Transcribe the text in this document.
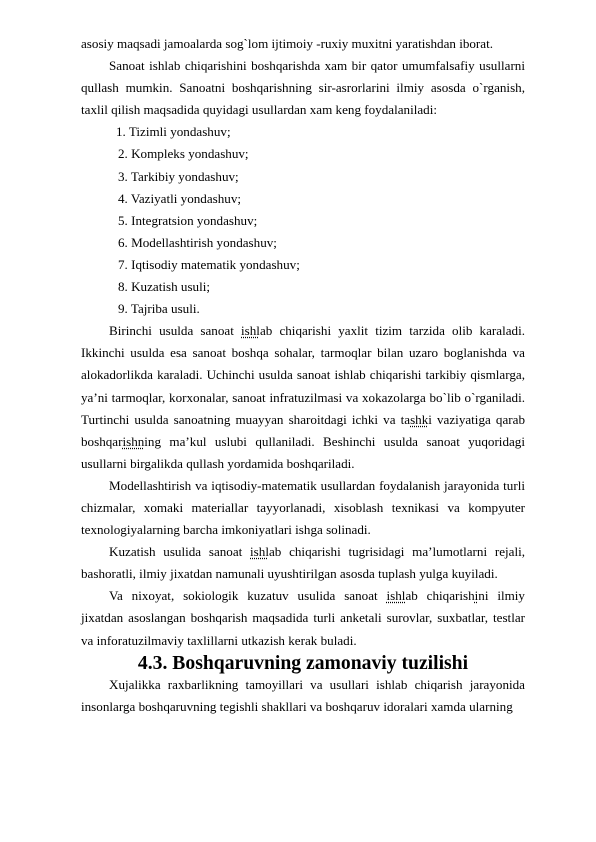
asosiy maqsadi jamoalarda sog`lom ijtimoiy -ruxiy muxitni yaratishdan iborat.

Sanoat ishlab chiqarishini boshqarishda xam bir qator umumfalsafiy usullarni qullash mumkin. Sanoatni boshqarishning sir-asrorlarini ilmiy asosda o`rganish, taxlil qilish maqsadida quyidagi usullardan xam keng foydalaniladi:

1. Tizimli yondashuv;
2. Kompleks yondashuv;
3. Tarkibiy yondashuv;
4. Vaziyatli yondashuv;
5. Integratsion yondashuv;
6. Modellashtirish yondashuv;
7. Iqtisodiy matematik yondashuv;
8. Kuzatish usuli;
9. Tajriba usuli.

Birinchi usulda sanoat ishlab chiqarishi yaxlit tizim tarzida olib karaladi. Ikkinchi usulda esa sanoat boshqa sohalar, tarmoqlar bilan uzaro boglanishda va alokadorlikda karaladi. Uchinchi usulda sanoat ishlab chiqarishi tarkibiy qismlarga, ya’ni tarmoqlar, korxonalar, sanoat infratuzilmasi va xokazolarga bo`lib o`rganiladi. Turtinchi usulda sanoatning muayyan sharoitdagi ichki va tashki vaziyatiga qarab boshqarishning ma’kul uslubi qullaniladi. Beshinchi usulda sanoat yuqoridagi usullarni birgalikda qullash yordamida boshqariladi.

Modellashtirish va iqtisodiy-matematik usullardan foydalanish jarayonida turli chizmalar, xomaki materiallar tayyorlanadi, xisoblash texnikasi va kompyuter texnologiyalarning barcha imkoniyatlari ishga solinadi.

Kuzatish usulida sanoat ishlab chiqarishi tugrisidagi ma’lumotlarni rejali, bashoratli, ilmiy jixatdan namunali uyushtirilgan asosda tuplash yulga kuyiladi.

Va nixoyat, sokiologik kuzatuv usulida sanoat ishlab chiqarishini ilmiy jixatdan asoslangan boshqarish maqsadida turli anketali surovlar, suxbatlar, testlar va inforatuzilmaviy taxlillarni utkazish kerak buladi.

4.3. Boshqaruvning zamonaviy tuzilishi

Xujalikka raxbarlikning tamoyillari va usullari ishlab chiqarish jarayonida insonlarga boshqaruvning tegishli shakllari va boshqaruv idoralari xamda ularning
